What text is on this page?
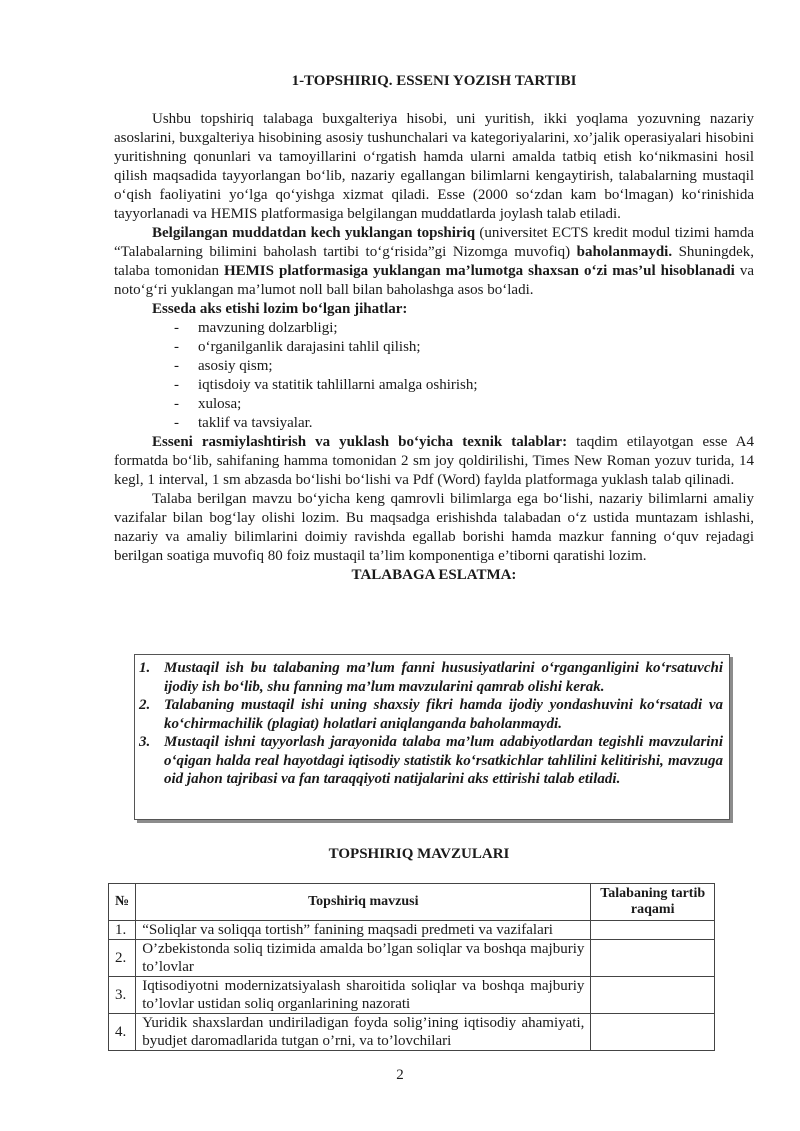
1-TOPSHIRIQ. ESSENI YOZISH TARTIBI

Ushbu topshiriq talabaga buxgalteriya hisobi, uni yuritish, ikki yoqlama yozuvning nazariy asoslarini, buxgalteriya hisobining asosiy tushunchalari va kategoriyalarini, xo’jalik operasiyalari hisobini yuritishning qonunlari va tamoyillarini o‘rgatish hamda ularni amalda tatbiq etish ko‘nikmasini hosil qilish maqsadida tayyorlangan bo‘lib, nazariy egallangan bilimlarni kengaytirish, talabalarning mustaqil o‘qish faoliyatini yo‘lga qo‘yishga xizmat qiladi. Esse (2000 so‘zdan kam bo‘lmagan) ko‘rinishida tayyorlanadi va HEMIS platformasiga belgilangan muddatlarda joylash talab etiladi.

Belgilangan muddatdan kech yuklangan topshiriq (universitet ECTS kredit modul tizimi hamda “Talabalarning bilimini baholash tartibi to‘g‘risida”gi Nizomga muvofiq) baholanmaydi. Shuningdek, talaba tomonidan HEMIS platformasiga yuklangan ma’lumotga shaxsan o‘zi mas’ul hisoblanadi va noto‘g‘ri yuklangan ma’lumot noll ball bilan baholashga asos bo‘ladi.

Esseda aks etishi lozim bo‘lgan jihatlar:

- mavzuning dolzarbligi;
- o‘rganilganlik darajasini tahlil qilish;
- asosiy qism;
- iqtisdoiy va statitik tahlillarni amalga oshirish;
- xulosa;
- taklif va tavsiyalar.

Esseni rasmiylashtirish va yuklash bo‘yicha texnik talablar: taqdim etilayotgan esse A4 formatda bo‘lib, sahifaning hamma tomonidan 2 sm joy qoldirilishi, Times New Roman yozuv turida, 14 kegl, 1 interval, 1 sm abzasda bo‘lishi bo‘lishi va Pdf (Word) faylda platformaga yuklash talab qilinadi.

Talaba berilgan mavzu bo‘yicha keng qamrovli bilimlarga ega bo‘lishi, nazariy bilimlarni amaliy vazifalar bilan bog‘lay olishi lozim. Bu maqsadga erishishda talabadan o‘z ustida muntazam ishlashi, nazariy va amaliy bilimlarini doimiy ravishda egallab borishi hamda mazkur fanning o‘quv rejadagi berilgan soatiga muvofiq 80 foiz mustaqil ta’lim komponentiga e’tiborni qaratishi lozim.

TALABAGA ESLATMA:
1. Mustaqil ish bu talabaning ma’lum fanni hususiyatlarini o‘rganganligini ko‘rsatuvchi ijodiy ish bo‘lib, shu fanning ma’lum mavzularini qamrab olishi kerak.
2. Talabaning mustaqil ishi uning shaxsiy fikri hamda ijodiy yondashuvini ko‘rsatadi va ko‘chirmachilik (plagiat) holatlari aniqlanganda baholanmaydi.
3. Mustaqil ishni tayyorlash jarayonida talaba ma’lum adabiyotlardan tegishli mavzularini o‘qigan halda real hayotdagi iqtisodiy statistik ko‘rsatkichlar tahlilini kelitirishi, mavzuga oid jahon tajribasi va fan taraqqiyoti natijalarini aks ettirishi talab etiladi.
TOPSHIRIQ MAVZULARI
№	Topshiriq mavzusi	Talabaning tartib raqami
1.	“Soliqlar va soliqqa tortish” fanining maqsadi predmeti va vazifalari	
2.	O’zbekistonda soliq tizimida amalda bo’lgan soliqlar va boshqa majburiy to’lovlar	
3.	Iqtisodiyotni modernizatsiyalash sharoitida soliqlar va boshqa majburiy to’lovlar ustidan soliq organlarining nazorati	
4.	Yuridik shaxslardan undiriladigan foyda solig’ining iqtisodiy ahamiyati, byudjet daromadlarida tutgan o’rni, va to’lovchilari	
2
